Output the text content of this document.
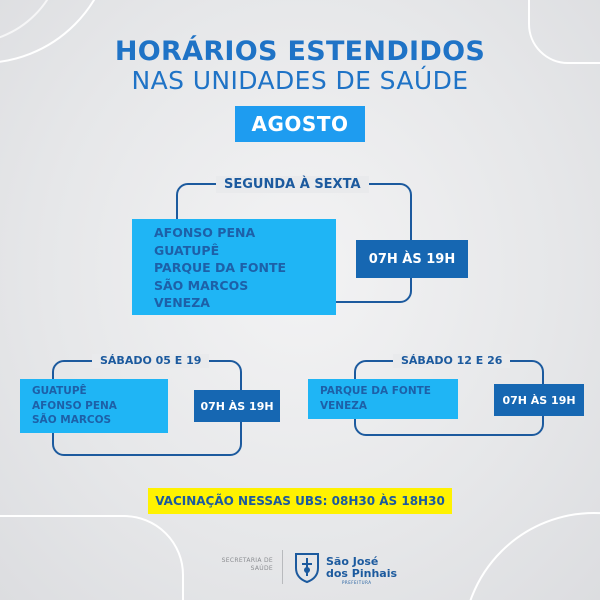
HORÁRIOS ESTENDIDOS
NAS UNIDADES DE SAÚDE
AGOSTO
SEGUNDA À SEXTA
AFONSO PENA
GUATUPÊ
PARQUE DA FONTE
SÃO MARCOS
VENEZA
07H ÀS 19H
SÁBADO 05 E 19
GUATUPÊ
AFONSO PENA
SÃO MARCOS
07H ÀS 19H
SÁBADO 12 E 26
PARQUE DA FONTE
VENEZA	07H ÀS 19H
VACINAÇÃO NESSAS UBS: 08H30 ÀS 18H30
SECRETARIA DE
SAÚDE
São José
dos Pinhais
PREFEITURA
